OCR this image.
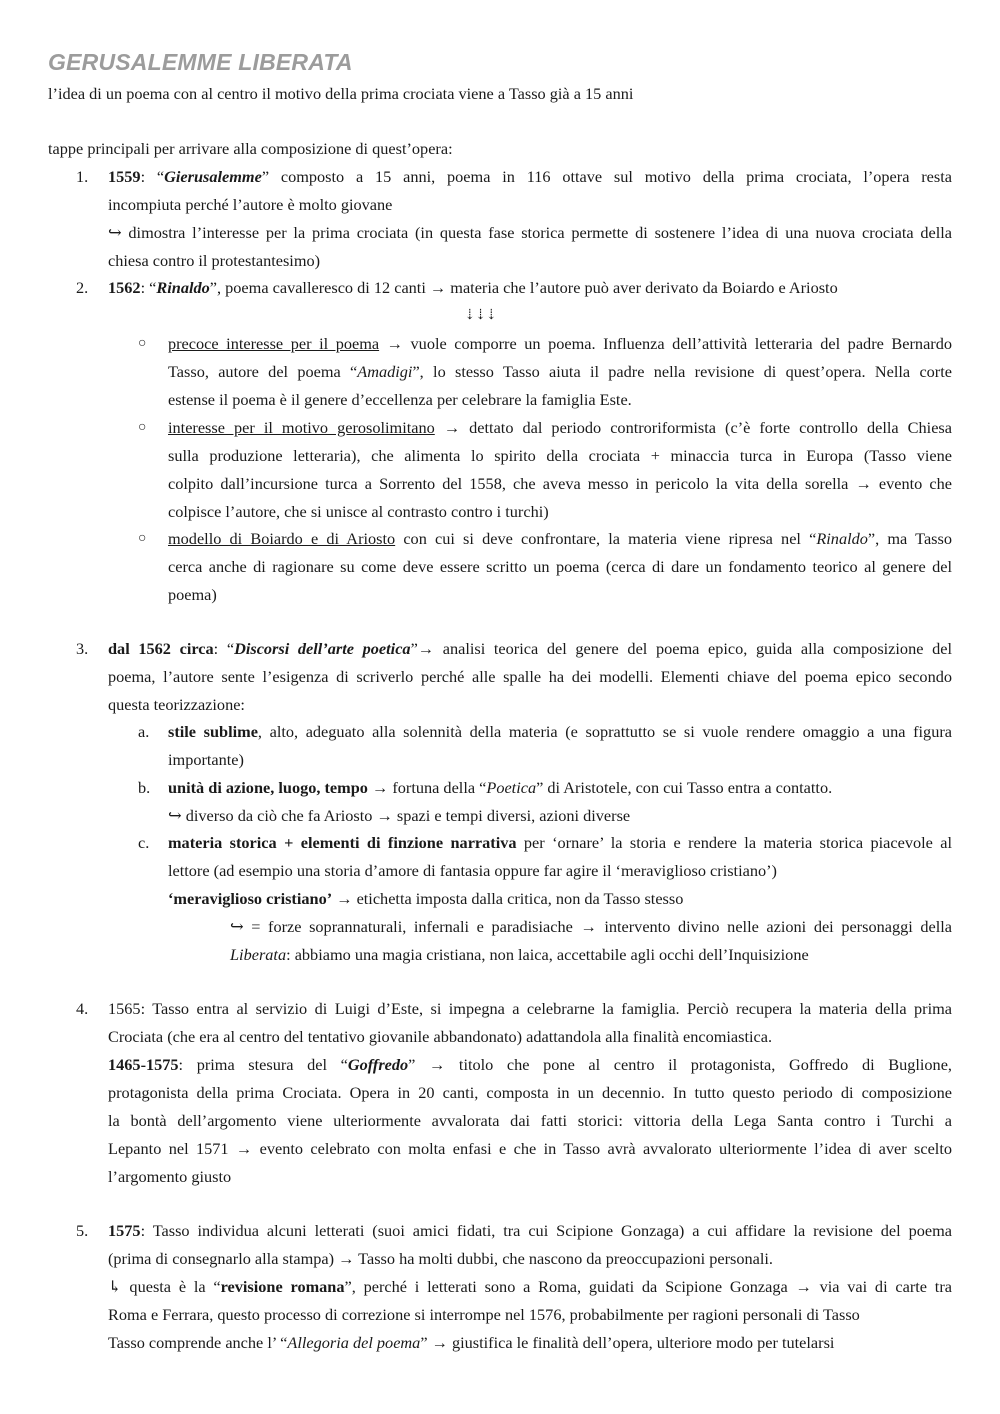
GERUSALEMME LIBERATA
l’idea di un poema con al centro il motivo della prima crociata viene a Tasso già a 15 anni
tappe principali per arrivare alla composizione di quest’opera:
1.	1559: “Gierusalemme” composto a 15 anni, poema in 116 ottave sul motivo della prima crociata, l’opera resta
incompiuta perché l’autore è molto giovane
↪ dimostra l’interesse per la prima crociata (in questa fase storica permette di sostenere l’idea di una nuova crociata della
chiesa contro il protestantesimo)
2.	1562: “Rinaldo”, poema cavalleresco di 12 canti → materia che l’autore può aver derivato da Boiardo e Ariosto
⇣⇣⇣
○	precoce interesse per il poema → vuole comporre un poema. Influenza dell’attività letteraria del padre Bernardo
Tasso, autore del poema “Amadigi”, lo stesso Tasso aiuta il padre nella revisione di quest’opera. Nella corte
estense il poema è il genere d’eccellenza per celebrare la famiglia Este.
○	interesse per il motivo gerosolimitano → dettato dal periodo controriformista (c’è forte controllo della Chiesa
sulla produzione letteraria), che alimenta lo spirito della crociata + minaccia turca in Europa (Tasso viene
colpito dall’incursione turca a Sorrento del 1558, che aveva messo in pericolo la vita della sorella → evento che
colpisce l’autore, che si unisce al contrasto contro i turchi)
○	modello di Boiardo e di Ariosto con cui si deve confrontare, la materia viene ripresa nel “Rinaldo”, ma Tasso
cerca anche di ragionare su come deve essere scritto un poema (cerca di dare un fondamento teorico al genere del
poema)
3.	dal 1562 circa: “Discorsi dell’arte poetica”→ analisi teorica del genere del poema epico, guida alla composizione del
poema, l’autore sente l’esigenza di scriverlo perché alle spalle ha dei modelli. Elementi chiave del poema epico secondo
questa teorizzazione:
a.	stile sublime, alto, adeguato alla solennità della materia (e soprattutto se si vuole rendere omaggio a una figura
importante)
b.	unità di azione, luogo, tempo → fortuna della “Poetica” di Aristotele, con cui Tasso entra a contatto.
↪ diverso da ciò che fa Ariosto → spazi e tempi diversi, azioni diverse
c.	materia storica + elementi di finzione narrativa per ‘ornare’ la storia e rendere la materia storica piacevole al
lettore (ad esempio una storia d’amore di fantasia oppure far agire il ‘meraviglioso cristiano’)
‘meraviglioso cristiano’ → etichetta imposta dalla critica, non da Tasso stesso
↪ = forze soprannaturali, infernali e paradisiache → intervento divino nelle azioni dei personaggi della
Liberata: abbiamo una magia cristiana, non laica, accettabile agli occhi dell’Inquisizione
4.	1565: Tasso entra al servizio di Luigi d’Este, si impegna a celebrarne la famiglia. Perciò recupera la materia della prima
Crociata (che era al centro del tentativo giovanile abbandonato) adattandola alla finalità encomiastica.
1465-1575: prima stesura del “Goffredo” → titolo che pone al centro il protagonista, Goffredo di Buglione,
protagonista della prima Crociata. Opera in 20 canti, composta in un decennio. In tutto questo periodo di composizione
la bontà dell’argomento viene ulteriormente avvalorata dai fatti storici: vittoria della Lega Santa contro i Turchi a
Lepanto nel 1571 → evento celebrato con molta enfasi e che in Tasso avrà avvalorato ulteriormente l’idea di aver scelto
l’argomento giusto
5.	1575: Tasso individua alcuni letterati (suoi amici fidati, tra cui Scipione Gonzaga) a cui affidare la revisione del poema
(prima di consegnarlo alla stampa) → Tasso ha molti dubbi, che nascono da preoccupazioni personali.
↳ questa è la “revisione romana”, perché i letterati sono a Roma, guidati da Scipione Gonzaga → via vai di carte tra
Roma e Ferrara, questo processo di correzione si interrompe nel 1576, probabilmente per ragioni personali di Tasso
Tasso comprende anche l’ “Allegoria del poema” → giustifica le finalità dell’opera, ulteriore modo per tutelarsi
